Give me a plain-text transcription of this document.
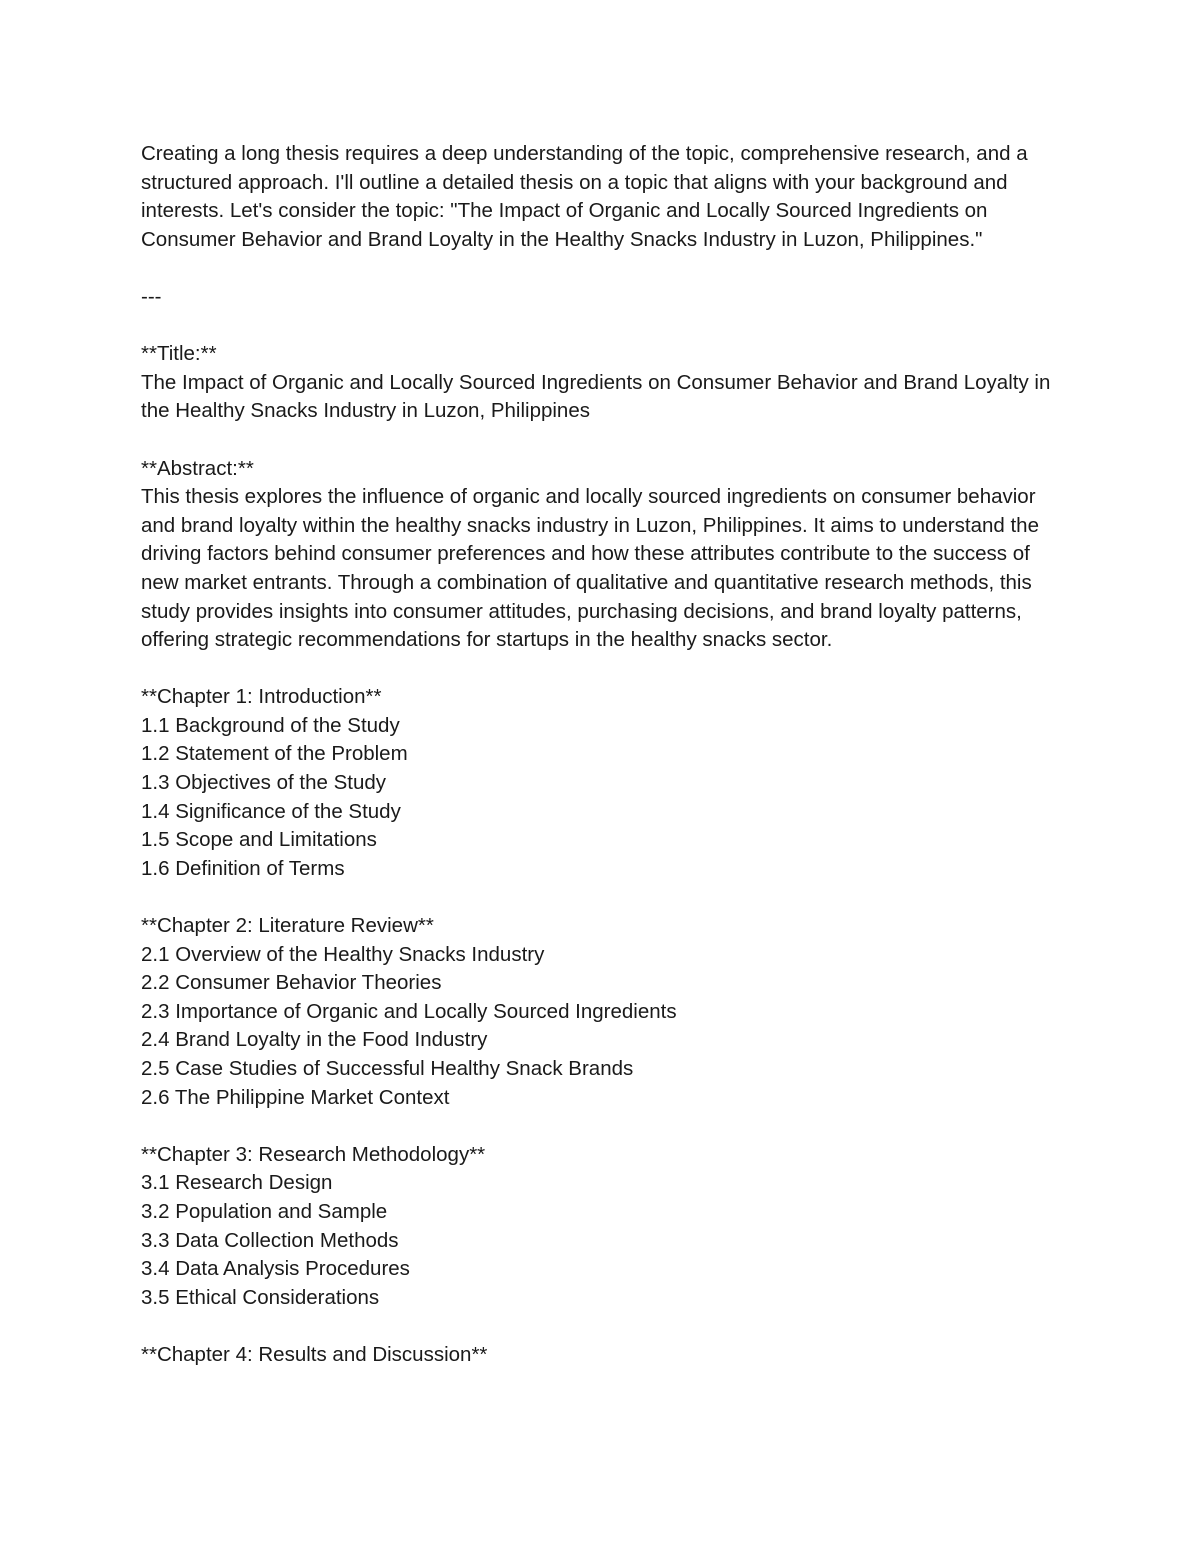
Creating a long thesis requires a deep understanding of the topic, comprehensive research, and a structured approach. I'll outline a detailed thesis on a topic that aligns with your background and interests. Let's consider the topic: "The Impact of Organic and Locally Sourced Ingredients on Consumer Behavior and Brand Loyalty in the Healthy Snacks Industry in Luzon, Philippines."

---

**Title:**
The Impact of Organic and Locally Sourced Ingredients on Consumer Behavior and Brand Loyalty in the Healthy Snacks Industry in Luzon, Philippines
**Abstract:**
This thesis explores the influence of organic and locally sourced ingredients on consumer behavior and brand loyalty within the healthy snacks industry in Luzon, Philippines. It aims to understand the driving factors behind consumer preferences and how these attributes contribute to the success of new market entrants. Through a combination of qualitative and quantitative research methods, this study provides insights into consumer attitudes, purchasing decisions, and brand loyalty patterns, offering strategic recommendations for startups in the healthy snacks sector.
**Chapter 1: Introduction**
1.1 Background of the Study
1.2 Statement of the Problem
1.3 Objectives of the Study
1.4 Significance of the Study
1.5 Scope and Limitations
1.6 Definition of Terms
**Chapter 2: Literature Review**
2.1 Overview of the Healthy Snacks Industry
2.2 Consumer Behavior Theories
2.3 Importance of Organic and Locally Sourced Ingredients
2.4 Brand Loyalty in the Food Industry
2.5 Case Studies of Successful Healthy Snack Brands
2.6 The Philippine Market Context
**Chapter 3: Research Methodology**
3.1 Research Design
3.2 Population and Sample
3.3 Data Collection Methods
3.4 Data Analysis Procedures
3.5 Ethical Considerations
**Chapter 4: Results and Discussion**
